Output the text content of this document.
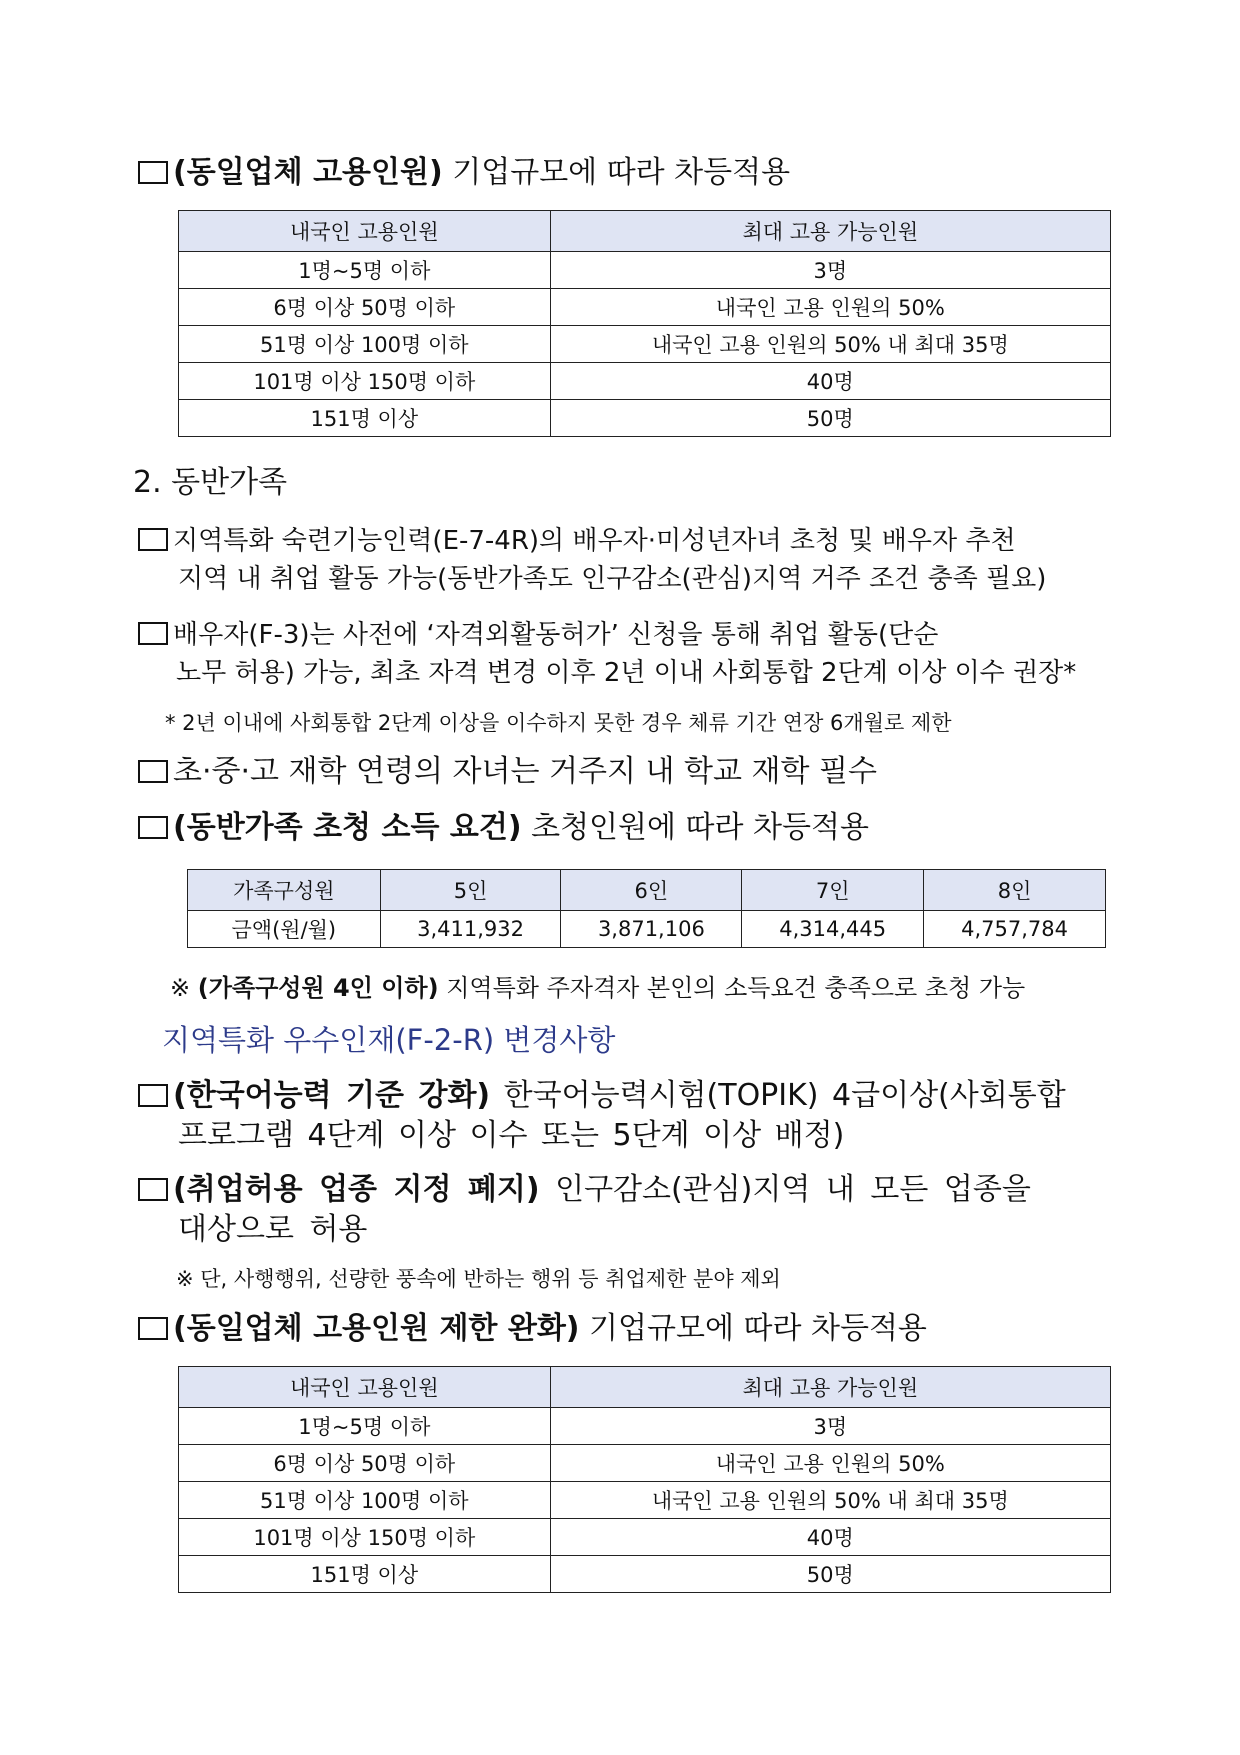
(동일업체 고용인원) 기업규모에 따라 차등적용
내국인 고용인원	최대 고용 가능인원
1명~5명 이하	3명
6명 이상 50명 이하	내국인 고용 인원의 50%
51명 이상 100명 이하	내국인 고용 인원의 50% 내 최대 35명
101명 이상 150명 이하	40명
151명 이상	50명
2. 동반가족
지역특화 숙련기능인력(E-7-4R)의 배우자·미성년자녀 초청 및 배우자 추천
지역 내 취업 활동 가능(동반가족도 인구감소(관심)지역 거주 조건 충족 필요)
배우자(F-3)는 사전에 ‘자격외활동허가’ 신청을 통해 취업 활동(단순
노무 허용) 가능, 최초 자격 변경 이후 2년 이내 사회통합 2단계 이상 이수 권장*
* 2년 이내에 사회통합 2단계 이상을 이수하지 못한 경우 체류 기간 연장 6개월로 제한
초·중·고 재학 연령의 자녀는 거주지 내 학교 재학 필수
(동반가족 초청 소득 요건) 초청인원에 따라 차등적용
가족구성원	5인	6인	7인	8인
금액(원/월)	3,411,932	3,871,106	4,314,445	4,757,784
※ (가족구성원 4인 이하) 지역특화 주자격자 본인의 소득요건 충족으로 초청 가능
지역특화 우수인재(F-2-R) 변경사항
(한국어능력 기준 강화) 한국어능력시험(TOPIK) 4급이상(사회통합
프로그램 4단계 이상 이수 또는 5단계 이상 배정)
(취업허용 업종 지정 폐지) 인구감소(관심)지역 내 모든 업종을
대상으로 허용
※ 단, 사행행위, 선량한 풍속에 반하는 행위 등 취업제한 분야 제외
(동일업체 고용인원 제한 완화) 기업규모에 따라 차등적용
내국인 고용인원	최대 고용 가능인원
1명~5명 이하	3명
6명 이상 50명 이하	내국인 고용 인원의 50%
51명 이상 100명 이하	내국인 고용 인원의 50% 내 최대 35명
101명 이상 150명 이하	40명
151명 이상	50명
